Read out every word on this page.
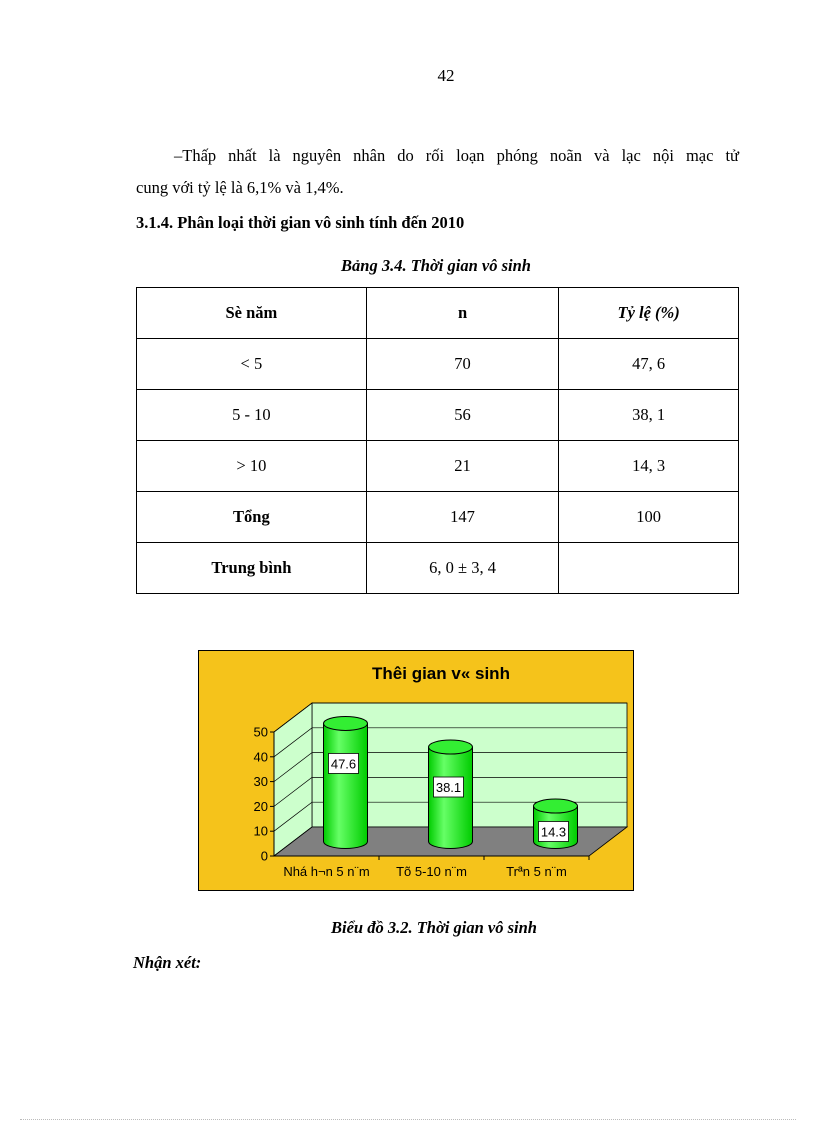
42
–Thấp nhất là nguyên nhân do rối loạn phóng noãn và lạc nội mạc tử
cung với tỷ lệ là 6,1% và 1,4%.
3.1.4. Phân loại thời gian vô sinh tính đến 2010
Bảng 3.4. Thời gian vô sinh
Sè năm	n	Tỷ lệ (%)
< 5	70	47, 6
5 - 10	56	38, 1
> 10	21	14, 3
Tổng	147	100
Trung bình	6, 0 ± 3, 4	
0
10
20
30
40
50
Thêi gian v« sinh
47.6
Nhá h¬n 5 n¨m
38.1
Tõ 5-10 n¨m
14.3
Trªn 5 n¨m
Biểu đồ 3.2. Thời gian vô sinh
Nhận xét:
